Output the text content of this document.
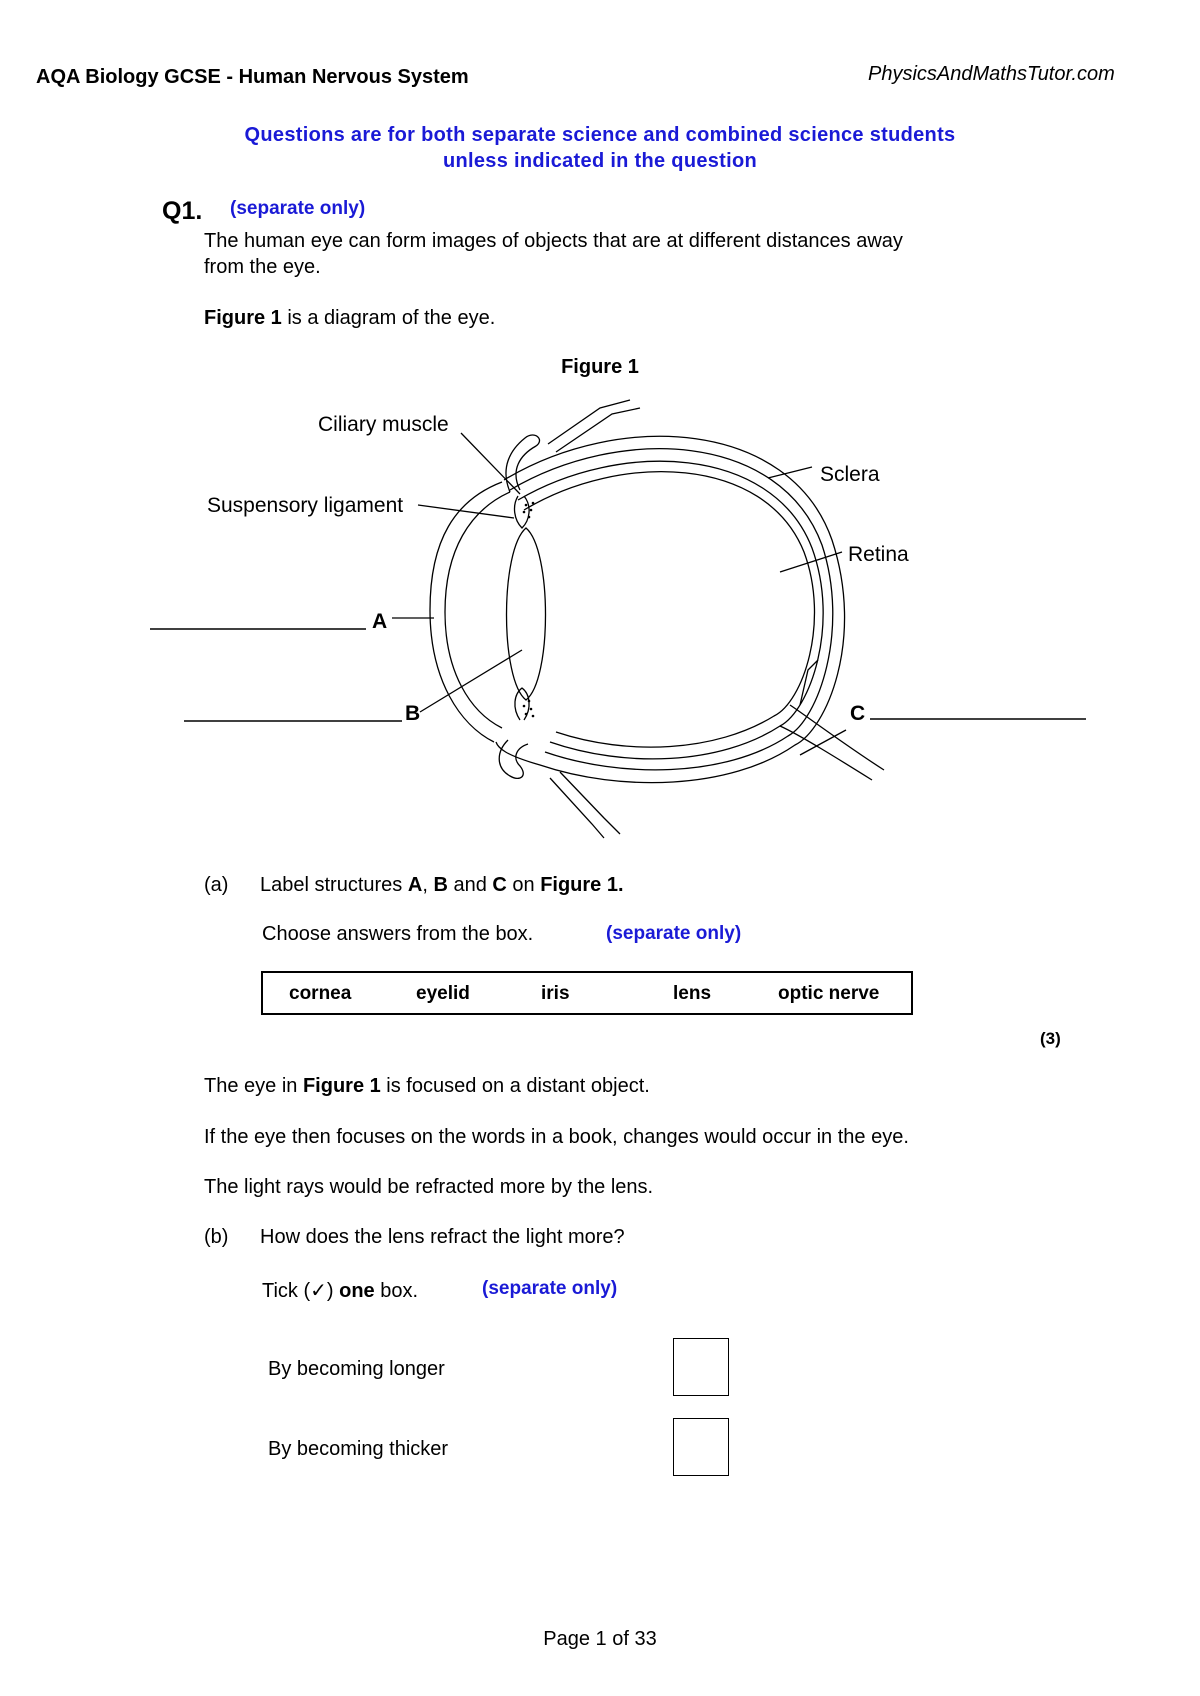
AQA Biology GCSE - Human Nervous System	PhysicsAndMathsTutor.com
Questions are for both separate science and combined science students
unless indicated in the question
Q1. (separate only)
The human eye can form images of objects that are at different distances away
from the eye.
Figure 1 is a diagram of the eye.
Figure 1
Ciliary muscle
Suspensory ligament
Sclera
Retina
A
B	C
(a) Label structures A, B and C on Figure 1.
Choose answers from the box.	(separate only)
cornea	eyelid	iris	lens	optic nerve
(3)
The eye in Figure 1 is focused on a distant object.
If the eye then focuses on the words in a book, changes would occur in the eye.
The light rays would be refracted more by the lens.
(b) How does the lens refract the light more?
Tick (✓) one box.	(separate only)
By becoming longer
By becoming thicker
Page 1 of 33
